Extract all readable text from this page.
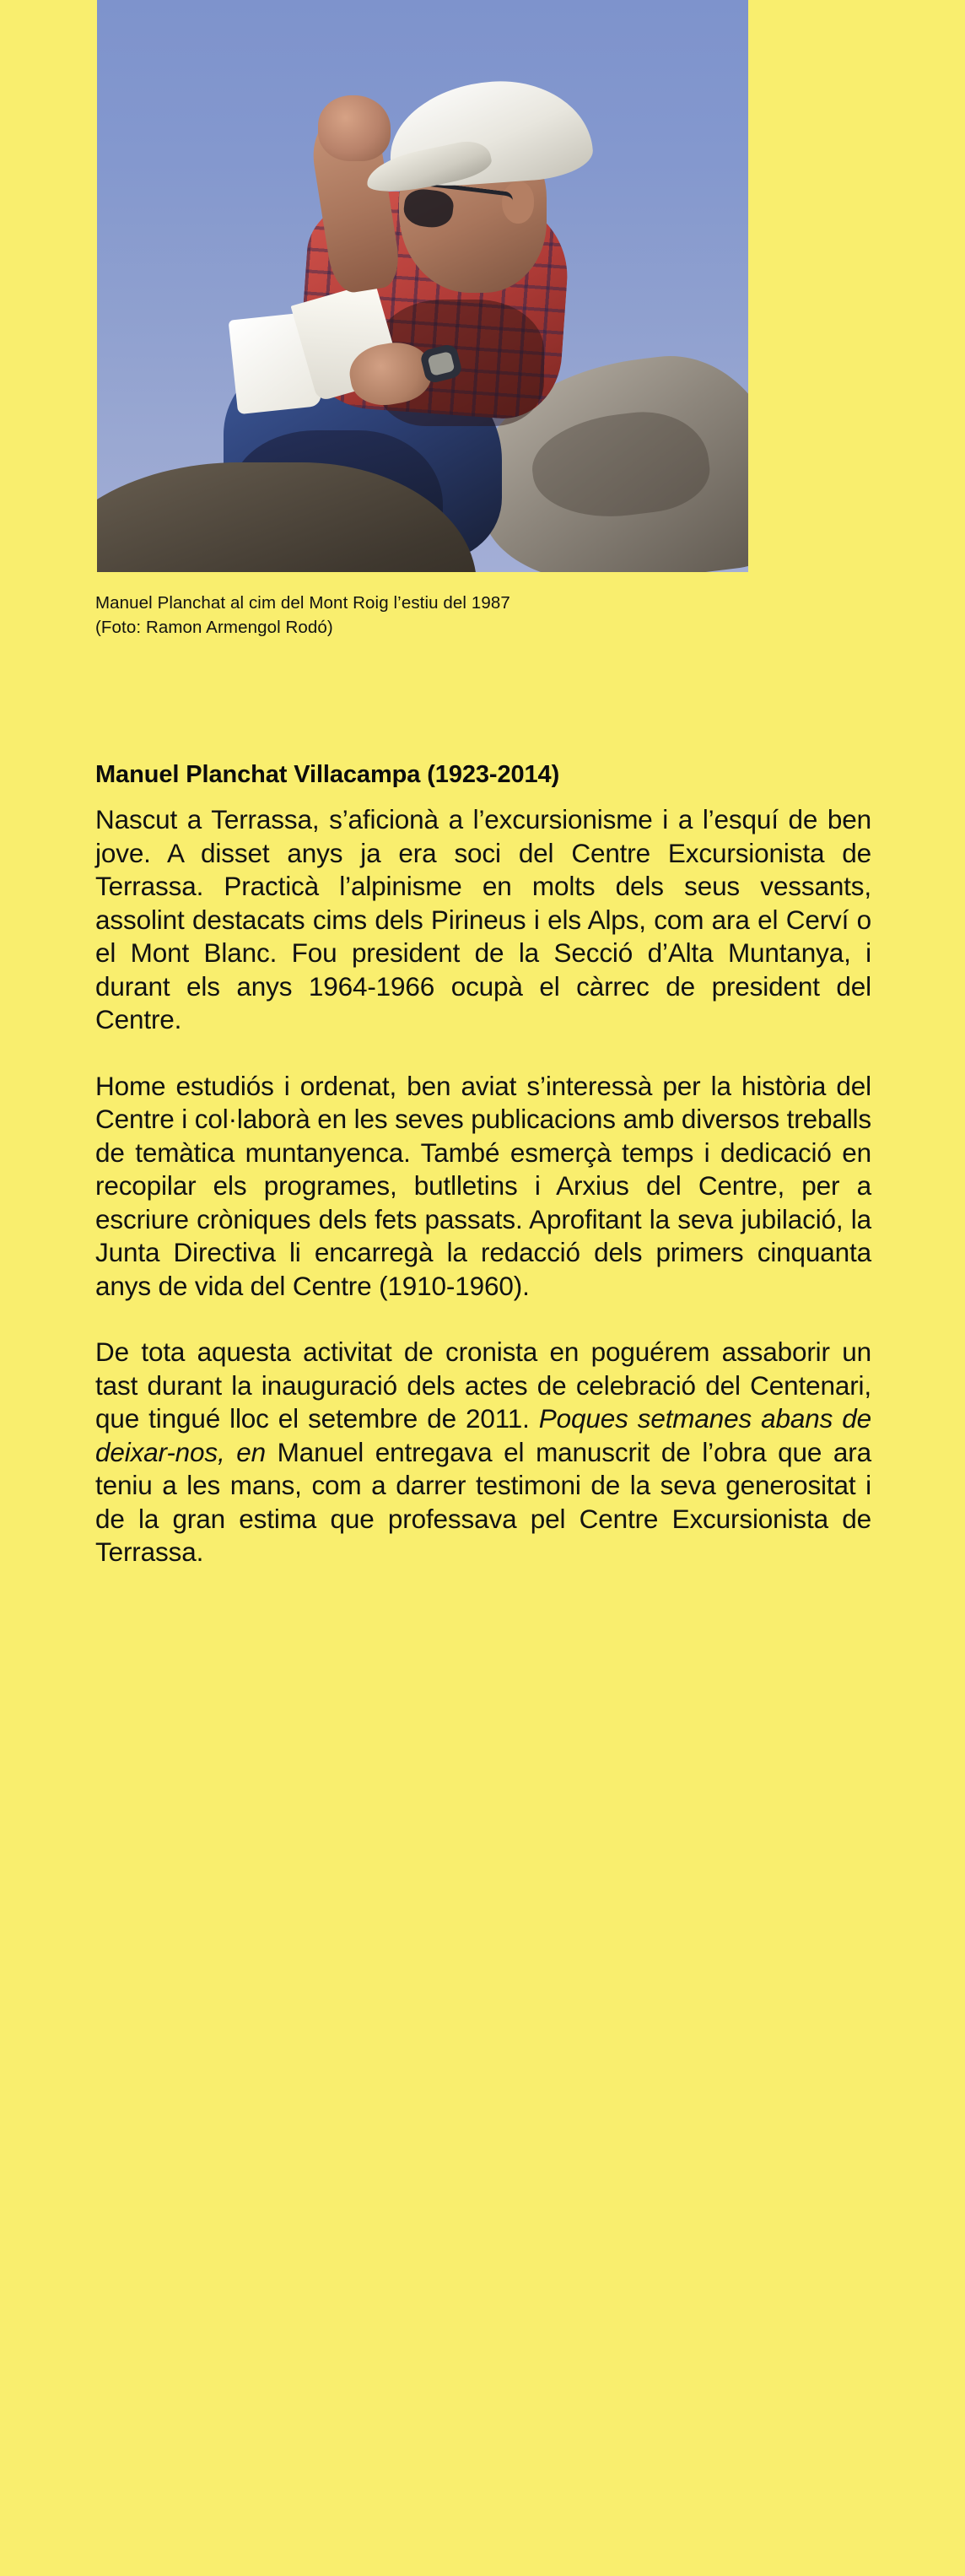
Manuel Planchat al cim del Mont Roig l’estiu del 1987
(Foto: Ramon Armengol Rodó)
Manuel Planchat Villacampa (1923-2014)

Nascut a Terrassa, s’aficionà a l’excursionisme i a l’esquí de ben jove. A disset anys ja era soci del Centre Excursionista de Terrassa. Practicà l’alpinisme en molts dels seus vessants, assolint destacats cims dels Pirineus i els Alps, com ara el Cerví o el Mont Blanc. Fou president de la Secció d’Alta Muntanya, i durant els anys 1964-1966 ocupà el càrrec de president del Centre.

Home estudiós i ordenat, ben aviat s’interessà per la història del Centre i col·laborà en les seves publicacions amb diversos treballs de temàtica muntanyenca. També esmerçà temps i dedicació en recopilar els programes, butlletins i Arxius del Centre, per a escriure cròniques dels fets passats. Aprofitant la seva jubilació, la Junta Directiva li encarregà la redacció dels primers cinquanta anys de vida del Centre (1910-1960).

De tota aquesta activitat de cronista en poguérem assaborir un tast durant la inauguració dels actes de celebració del Centenari, que tingué lloc el setembre de 2011. Poques setmanes abans de deixar-nos, en Manuel entregava el manuscrit de l’obra que ara teniu a les mans, com a darrer testimoni de la seva generositat i de la gran estima que professava pel Centre Excursionista de Terrassa.
